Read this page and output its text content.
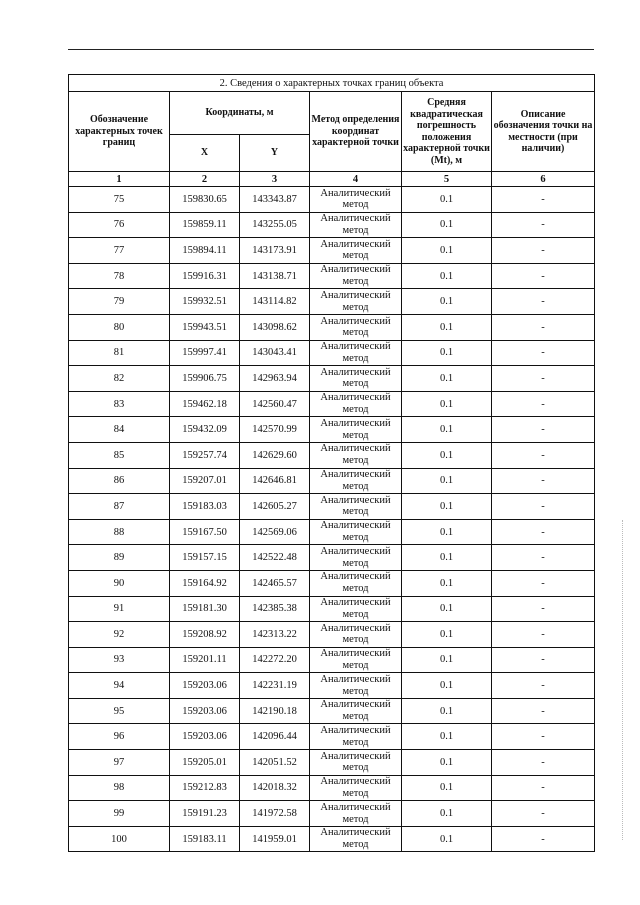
2. Сведения о характерных точках границ объекта					
Обозначение характерных точек границ	Координаты, м		Метод определения координат характерной точки	Средняя квадратическая погрешность положения характерной точки (Mt), м	Описание обозначения точки на местности (при наличии)
	X	Y			
1	2	3	4	5	6
75	159830.65	143343.87	Аналитический метод	0.1	-
76	159859.11	143255.05	Аналитический метод	0.1	-
77	159894.11	143173.91	Аналитический метод	0.1	-
78	159916.31	143138.71	Аналитический метод	0.1	-
79	159932.51	143114.82	Аналитический метод	0.1	-
80	159943.51	143098.62	Аналитический метод	0.1	-
81	159997.41	143043.41	Аналитический метод	0.1	-
82	159906.75	142963.94	Аналитический метод	0.1	-
83	159462.18	142560.47	Аналитический метод	0.1	-
84	159432.09	142570.99	Аналитический метод	0.1	-
85	159257.74	142629.60	Аналитический метод	0.1	-
86	159207.01	142646.81	Аналитический метод	0.1	-
87	159183.03	142605.27	Аналитический метод	0.1	-
88	159167.50	142569.06	Аналитический метод	0.1	-
89	159157.15	142522.48	Аналитический метод	0.1	-
90	159164.92	142465.57	Аналитический метод	0.1	-
91	159181.30	142385.38	Аналитический метод	0.1	-
92	159208.92	142313.22	Аналитический метод	0.1	-
93	159201.11	142272.20	Аналитический метод	0.1	-
94	159203.06	142231.19	Аналитический метод	0.1	-
95	159203.06	142190.18	Аналитический метод	0.1	-
96	159203.06	142096.44	Аналитический метод	0.1	-
97	159205.01	142051.52	Аналитический метод	0.1	-
98	159212.83	142018.32	Аналитический метод	0.1	-
99	159191.23	141972.58	Аналитический метод	0.1	-
100	159183.11	141959.01	Аналитический метод	0.1	-
